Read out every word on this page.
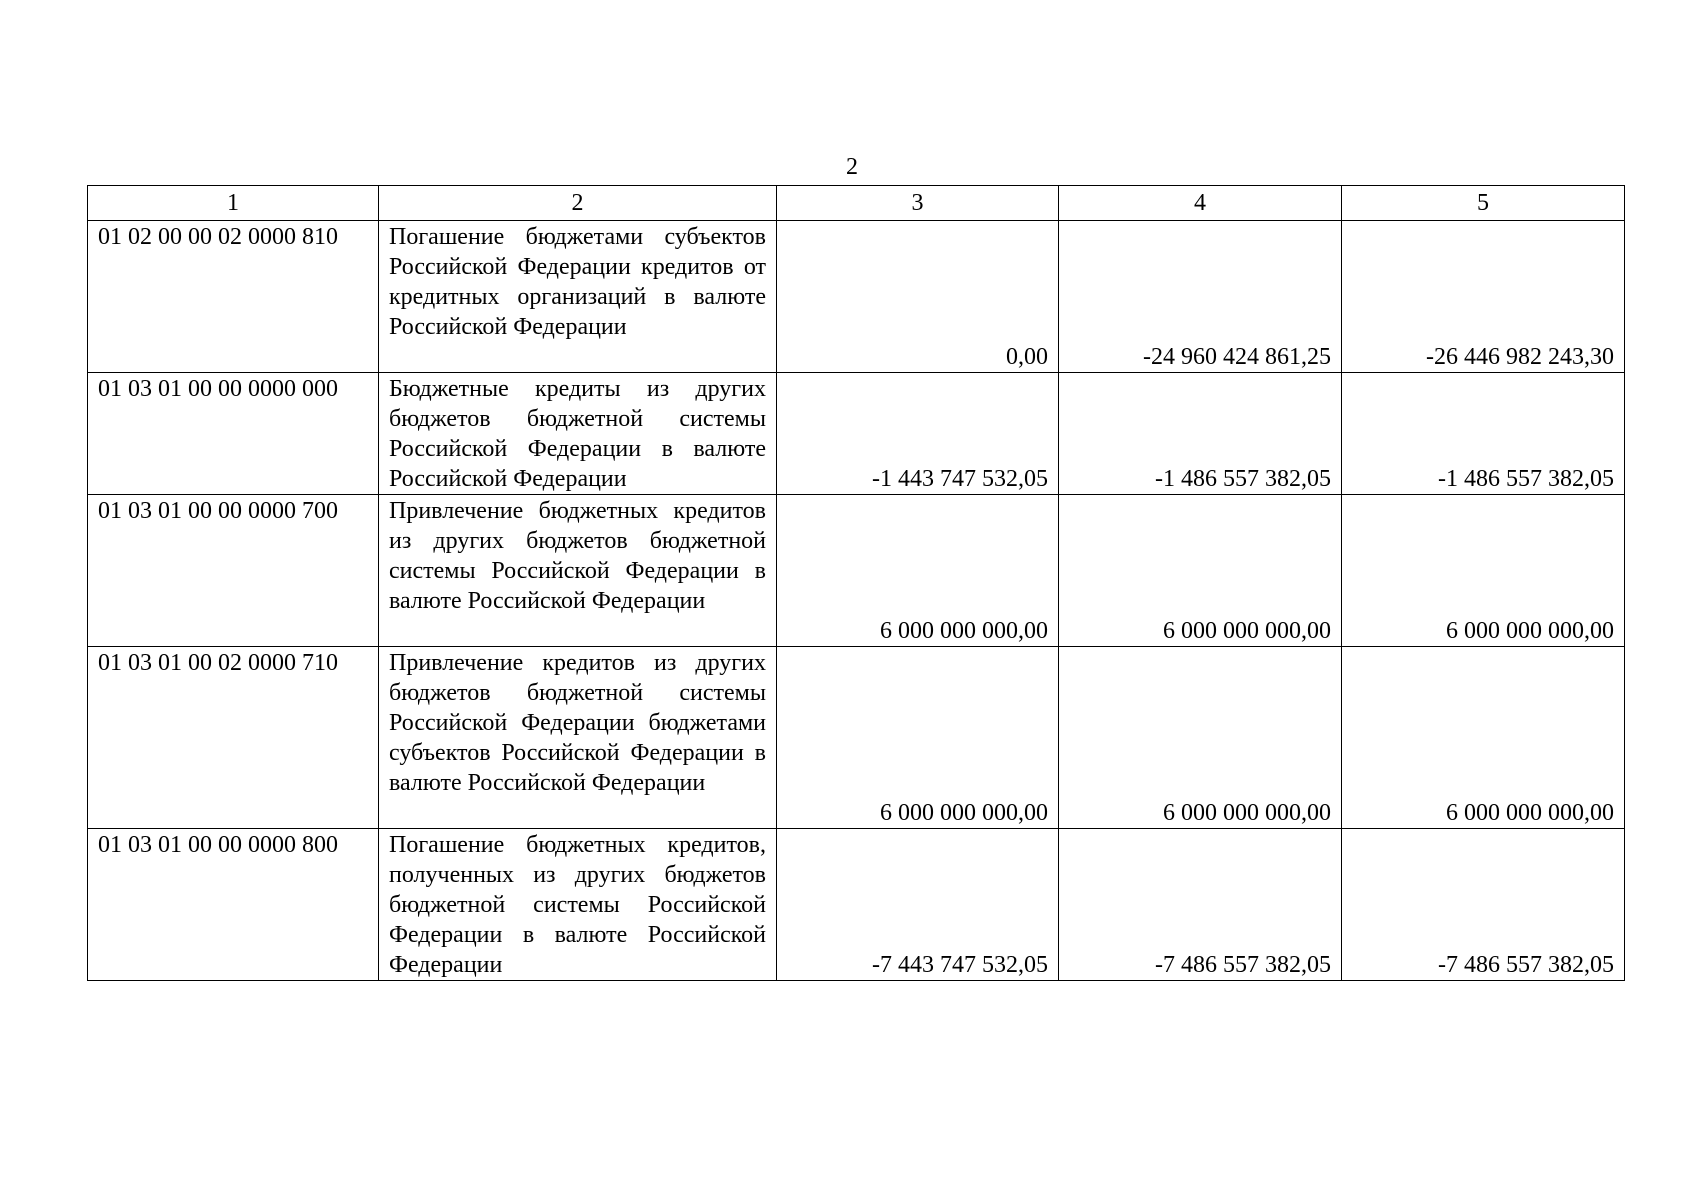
2
1	2	3	4	5
01 02 00 00 02 0000 810	Погашение бюджетами субъектов Российской Федерации кредитов от кредитных организаций в валюте Российской Федерации	0,00	-24 960 424 861,25	-26 446 982 243,30
01 03 01 00 00 0000 000	Бюджетные кредиты из других бюджетов бюджетной системы Российской Федерации в валюте Российской Федерации	-1 443 747 532,05	-1 486 557 382,05	-1 486 557 382,05
01 03 01 00 00 0000 700	Привлечение бюджетных кредитов из других бюджетов бюджетной системы Российской Федерации в валюте Российской Федерации	6 000 000 000,00	6 000 000 000,00	6 000 000 000,00
01 03 01 00 02 0000 710	Привлечение кредитов из других бюджетов бюджетной системы Российской Федерации бюджетами субъектов Российской Федерации в валюте Российской Федерации	6 000 000 000,00	6 000 000 000,00	6 000 000 000,00
01 03 01 00 00 0000 800	Погашение бюджетных кредитов, полученных из других бюджетов бюджетной системы Российской Федерации в валюте Российской Федерации	-7 443 747 532,05	-7 486 557 382,05	-7 486 557 382,05
